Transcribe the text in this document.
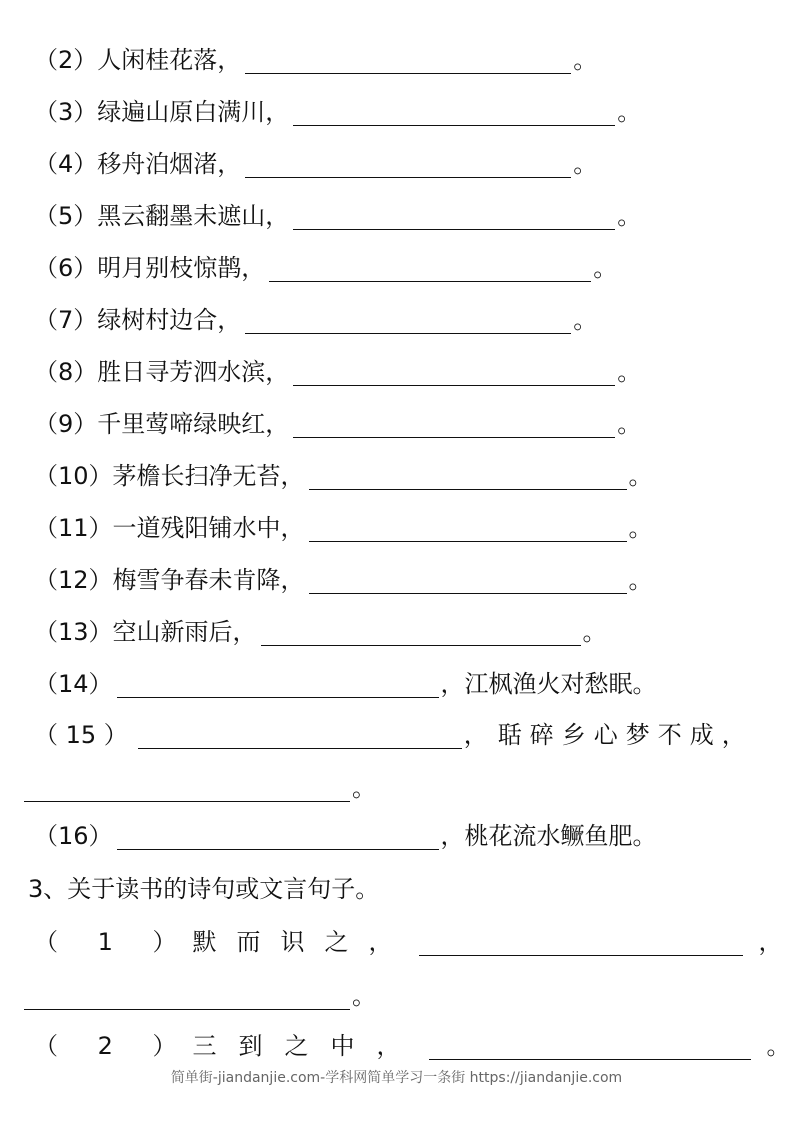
（2）人闲桂花落，	。
（3）绿遍山原白满川，	。
（4）移舟泊烟渚，	。
（5）黑云翻墨未遮山，	。
（6）明月别枝惊鹊，	。
（7）绿树村边合，	。
（8）胜日寻芳泗水滨，	。
（9）千里莺啼绿映红，	。
（10）茅檐长扫净无苔，	。
（11）一道残阳铺水中，	。
（12）梅雪争春未肯降，	。
（13）空山新雨后，	。
（14）	，江枫渔火对愁眠。
（ 15 ）	， 聒碎乡心梦不成，
。
（16）	，桃花流水鳜鱼肥。
3、关于读书的诗句或文言句子。
（ 1 ）默而识之，	，
。
（ 2 ）三到之中，	。
简单街-jiandanjie.com-学科网简单学习一条街 https://jiandanjie.com
